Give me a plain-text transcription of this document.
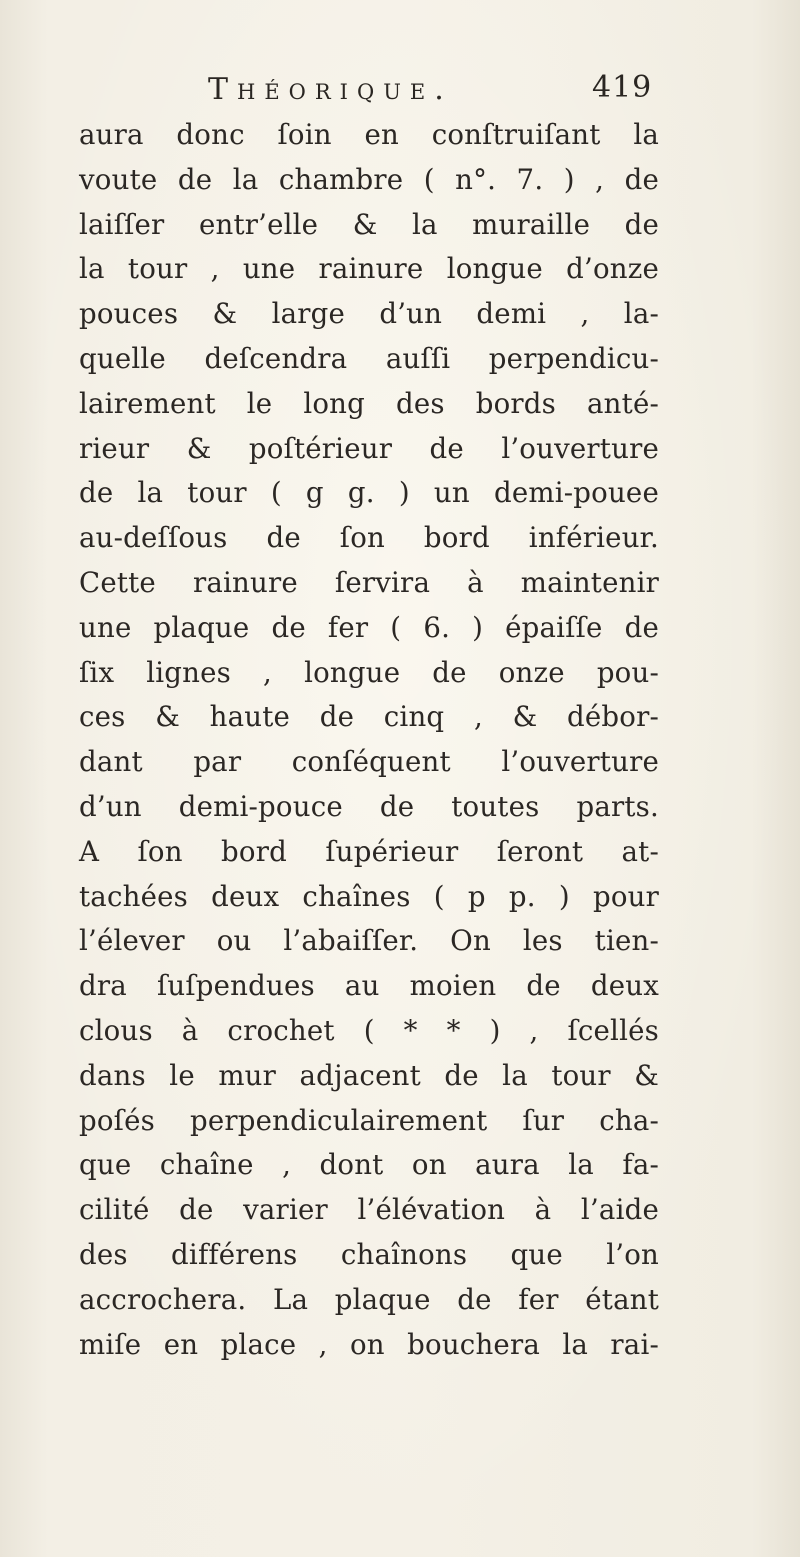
Théorique.	419
aura donc ſoin en conſtruiſant la
voute de la chambre ( n°. 7. ) , de
laiſſer entr’elle & la muraille de
la tour , une rainure longue d’onze
pouces & large d’un demi , la-
quelle deſcendra auſſi perpendicu-
lairement le long des bords anté-
rieur & poſtérieur de l’ouverture
de la tour ( g g. ) un demi-pouee
au-deſſous de ſon bord inférieur.
Cette rainure ſervira à maintenir
une plaque de fer ( 6. ) épaiſſe de
ſix lignes , longue de onze pou-
ces & haute de cinq , & débor-
dant par conſéquent l’ouverture
d’un demi-pouce de toutes parts.
A ſon bord ſupérieur ſeront at-
tachées deux chaînes ( p p. ) pour
l’élever ou l’abaiſſer. On les tien-
dra ſuſpendues au moien de deux
clous à crochet ( * * ) , ſcellés
dans le mur adjacent de la tour &
poſés perpendiculairement ſur cha-
que chaîne , dont on aura la fa-
cilité de varier l’élévation à l’aide
des différens chaînons que l’on
accrochera. La plaque de fer étant
miſe en place , on bouchera la rai-
